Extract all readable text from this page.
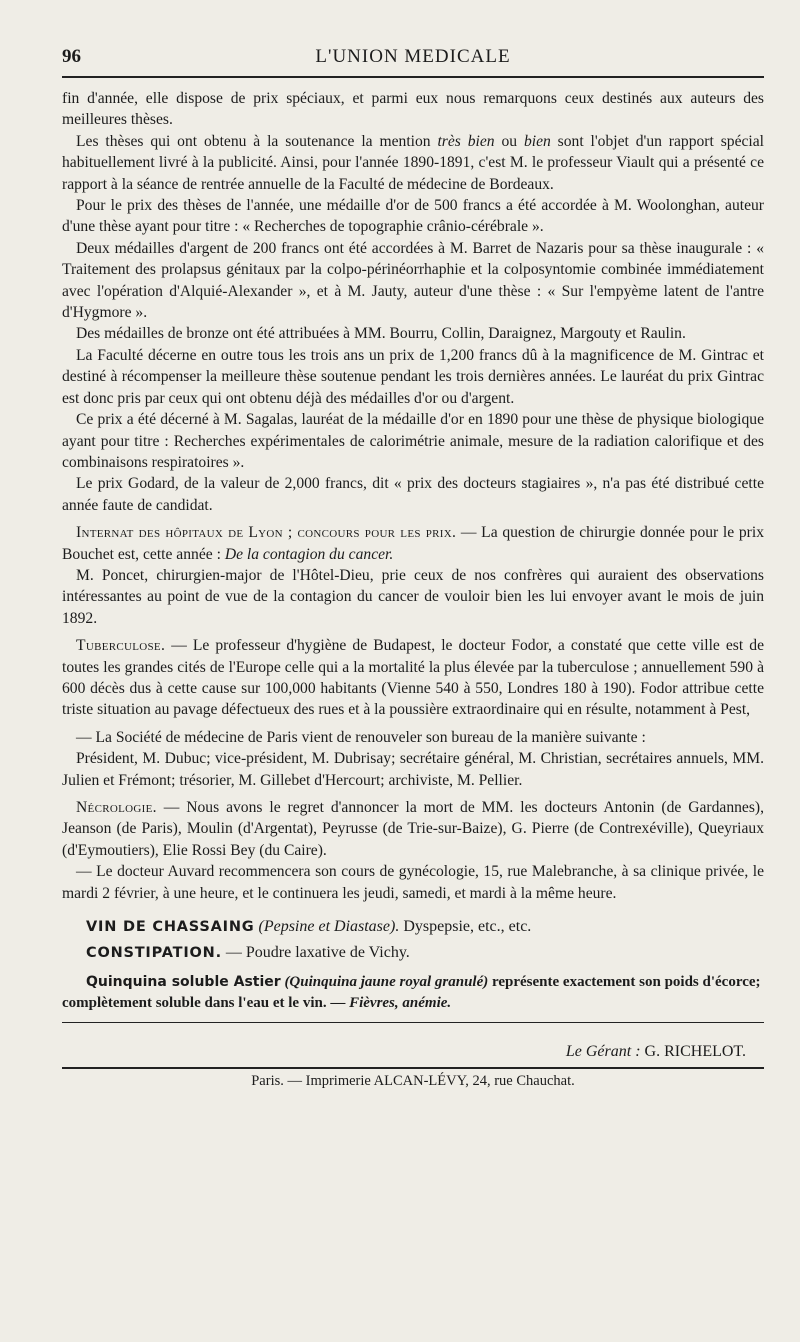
96	L'UNION MEDICALE

fin d'année, elle dispose de prix spéciaux, et parmi eux nous remarquons ceux destinés aux auteurs des meilleures thèses.

Les thèses qui ont obtenu à la soutenance la mention très bien ou bien sont l'objet d'un rapport spécial habituellement livré à la publicité. Ainsi, pour l'année 1890-1891, c'est M. le professeur Viault qui a présenté ce rapport à la séance de rentrée annuelle de la Faculté de médecine de Bordeaux.

Pour le prix des thèses de l'année, une médaille d'or de 500 francs a été accordée à M. Woolonghan, auteur d'une thèse ayant pour titre : « Recherches de topographie crânio-cérébrale ».

Deux médailles d'argent de 200 francs ont été accordées à M. Barret de Nazaris pour sa thèse inaugurale : « Traitement des prolapsus génitaux par la colpo-périnéorrhaphie et la colposyntomie combinée immédiatement avec l'opération d'Alquié-Alexander », et à M. Jauty, auteur d'une thèse : « Sur l'empyème latent de l'antre d'Hygmore ».

Des médailles de bronze ont été attribuées à MM. Bourru, Collin, Daraignez, Margouty et Raulin.

La Faculté décerne en outre tous les trois ans un prix de 1,200 francs dû à la magnificence de M. Gintrac et destiné à récompenser la meilleure thèse soutenue pendant les trois dernières années. Le lauréat du prix Gintrac est donc pris par ceux qui ont obtenu déjà des médailles d'or ou d'argent.

Ce prix a été décerné à M. Sagalas, lauréat de la médaille d'or en 1890 pour une thèse de physique biologique ayant pour titre : Recherches expérimentales de calorimétrie animale, mesure de la radiation calorifique et des combinaisons respiratoires ».

Le prix Godard, de la valeur de 2,000 francs, dit « prix des docteurs stagiaires », n'a pas été distribué cette année faute de candidat.

Internat des hôpitaux de Lyon ; concours pour les prix. — La question de chirurgie donnée pour le prix Bouchet est, cette année : De la contagion du cancer.

M. Poncet, chirurgien-major de l'Hôtel-Dieu, prie ceux de nos confrères qui auraient des observations intéressantes au point de vue de la contagion du cancer de vouloir bien les lui envoyer avant le mois de juin 1892.

Tuberculose. — Le professeur d'hygiène de Budapest, le docteur Fodor, a constaté que cette ville est de toutes les grandes cités de l'Europe celle qui a la mortalité la plus élevée par la tuberculose ; annuellement 590 à 600 décès dus à cette cause sur 100,000 habitants (Vienne 540 à 550, Londres 180 à 190). Fodor attribue cette triste situation au pavage défectueux des rues et à la poussière extraordinaire qui en résulte, notamment à Pest,

— La Société de médecine de Paris vient de renouveler son bureau de la manière suivante :

Président, M. Dubuc; vice-président, M. Dubrisay; secrétaire général, M. Christian, secrétaires annuels, MM. Julien et Frémont; trésorier, M. Gillebet d'Hercourt; archiviste, M. Pellier.

Nécrologie. — Nous avons le regret d'annoncer la mort de MM. les docteurs Antonin (de Gardannes), Jeanson (de Paris), Moulin (d'Argentat), Peyrusse (de Trie-sur-Baize), G. Pierre (de Contrexéville), Queyriaux (d'Eymoutiers), Elie Rossi Bey (du Caire).

— Le docteur Auvard recommencera son cours de gynécologie, 15, rue Malebranche, à sa clinique privée, le mardi 2 février, à une heure, et le continuera les jeudi, samedi, et mardi à la même heure.

VIN DE CHASSAING (Pepsine et Diastase). Dyspepsie, etc., etc.

CONSTIPATION. — Poudre laxative de Vichy.

Quinquina soluble Astier (Quinquina jaune royal granulé) représente exactement son poids d'écorce; complètement soluble dans l'eau et le vin. — Fièvres, anémie.

Le Gérant : G. RICHELOT.
Paris. — Imprimerie ALCAN-LÉVY, 24, rue Chauchat.
